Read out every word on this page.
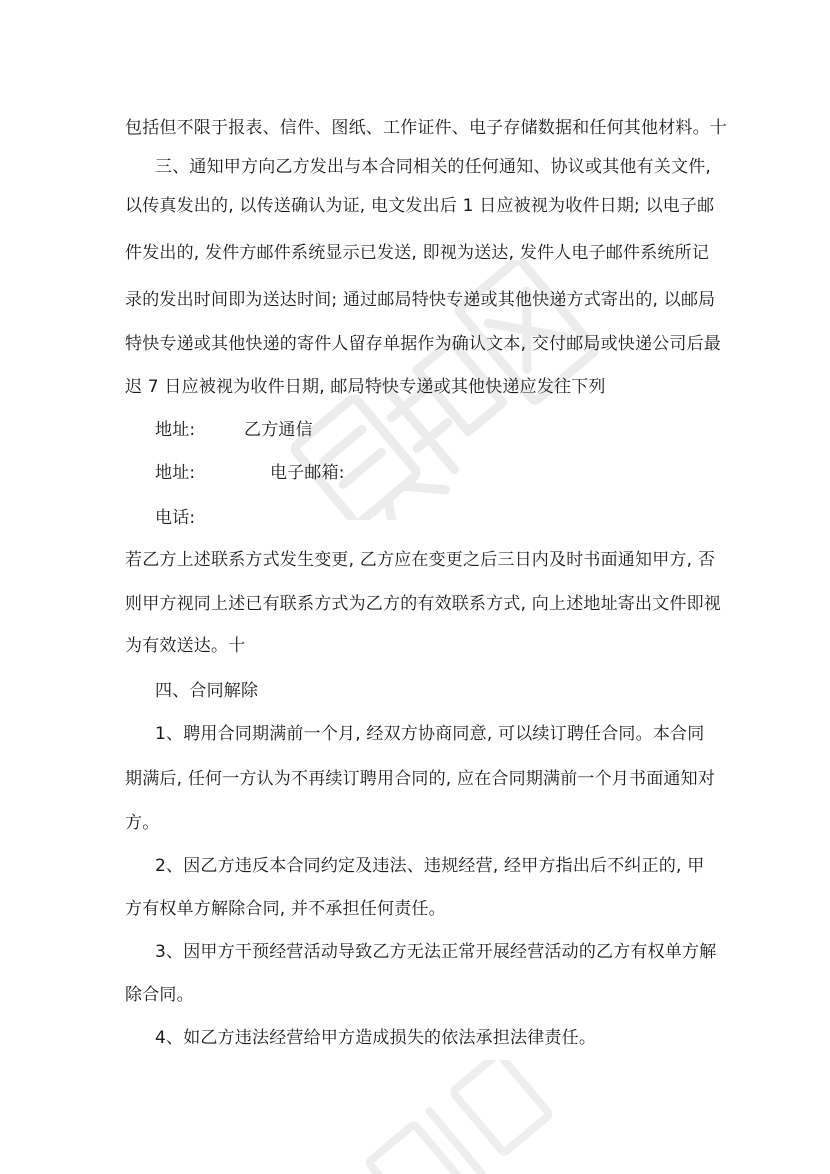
包括但不限于报表、信件、图纸、工作证件、电子存储数据和任何其他材料。十
三、通知甲方向乙方发出与本合同相关的任何通知、协议或其他有关文件,
以传真发出的, 以传送确认为证, 电文发出后 1 日应被视为收件日期; 以电子邮
件发出的, 发件方邮件系统显示已发送, 即视为送达, 发件人电子邮件系统所记
录的发出时间即为送达时间; 通过邮局特快专递或其他快递方式寄出的, 以邮局
特快专递或其他快递的寄件人留存单据作为确认文本, 交付邮局或快递公司后最
迟 7 日应被视为收件日期, 邮局特快专递或其他快递应发往下列
地址:	乙方通信
地址:	电子邮箱:
电话:
若乙方上述联系方式发生变更, 乙方应在变更之后三日内及时书面通知甲方, 否
则甲方视同上述已有联系方式为乙方的有效联系方式, 向上述地址寄出文件即视
为有效送达。十
四、合同解除
1、聘用合同期满前一个月, 经双方协商同意, 可以续订聘任合同。本合同
期满后, 任何一方认为不再续订聘用合同的, 应在合同期满前一个月书面通知对
方。
2、因乙方违反本合同约定及违法、违规经营, 经甲方指出后不纠正的, 甲
方有权单方解除合同, 并不承担任何责任。
3、因甲方干预经营活动导致乙方无法正常开展经营活动的乙方有权单方解
除合同。
4、如乙方违法经营给甲方造成损失的依法承担法律责任。
